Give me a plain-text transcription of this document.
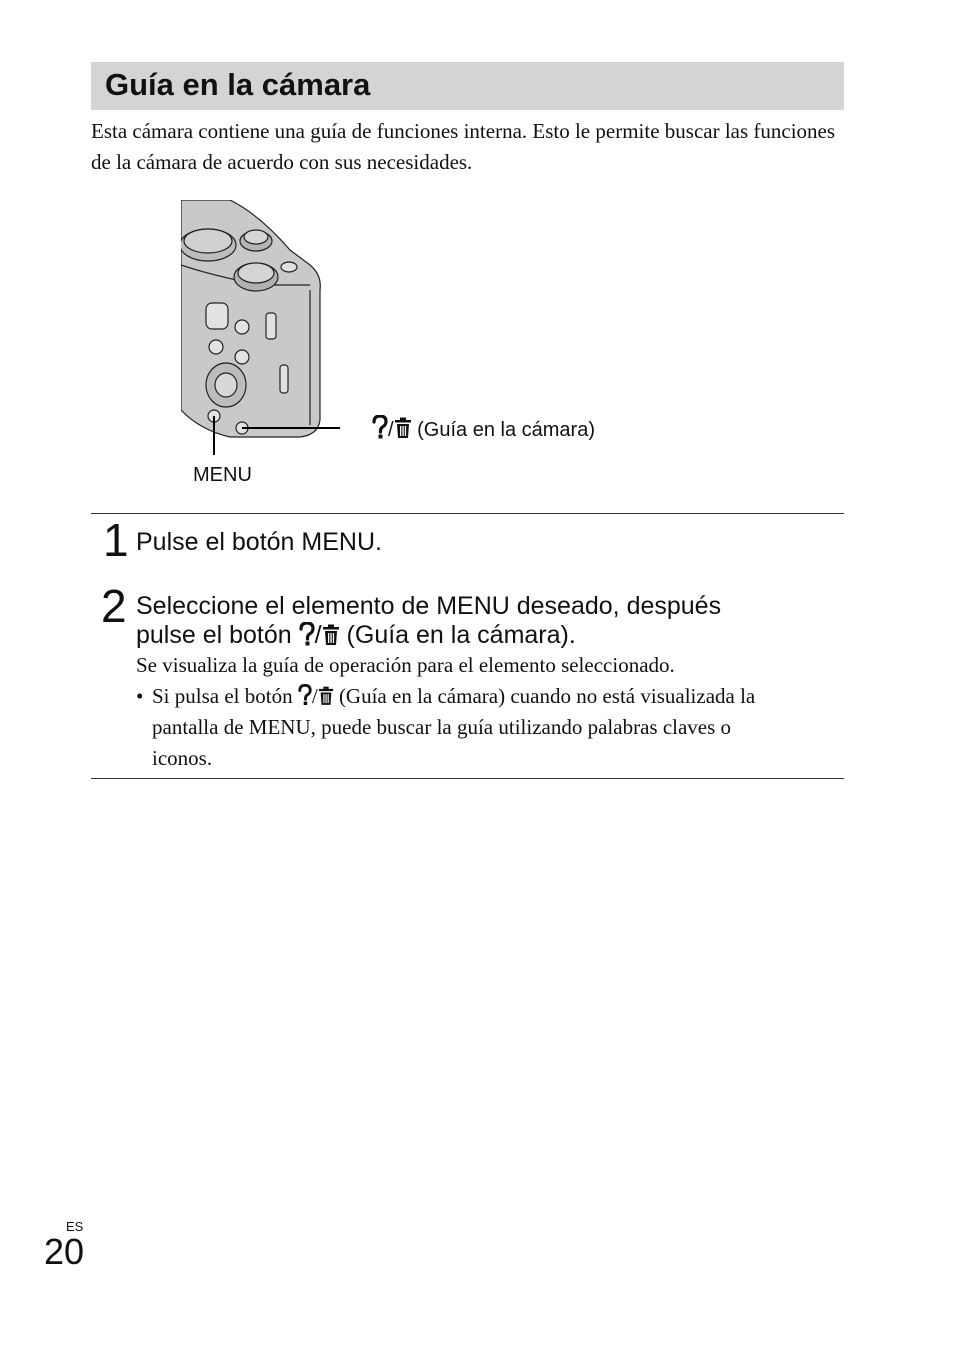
Guía en la cámara

Esta cámara contiene una guía de funciones interna. Esto le permite buscar las funciones de la cámara de acuerdo con sus necesidades.

/ (Guía en la cámara)
MENU
1 Pulse el botón MENU.

2 Seleccione el elemento de MENU deseado, después

pulse el botón / (Guía en la cámara).

Se visualiza la guía de operación para el elemento seleccionado.

• Si pulsa el botón / (Guía en la cámara) cuando no está visualizada la
pantalla de MENU, puede buscar la guía utilizando palabras claves o
iconos.
ES
20
